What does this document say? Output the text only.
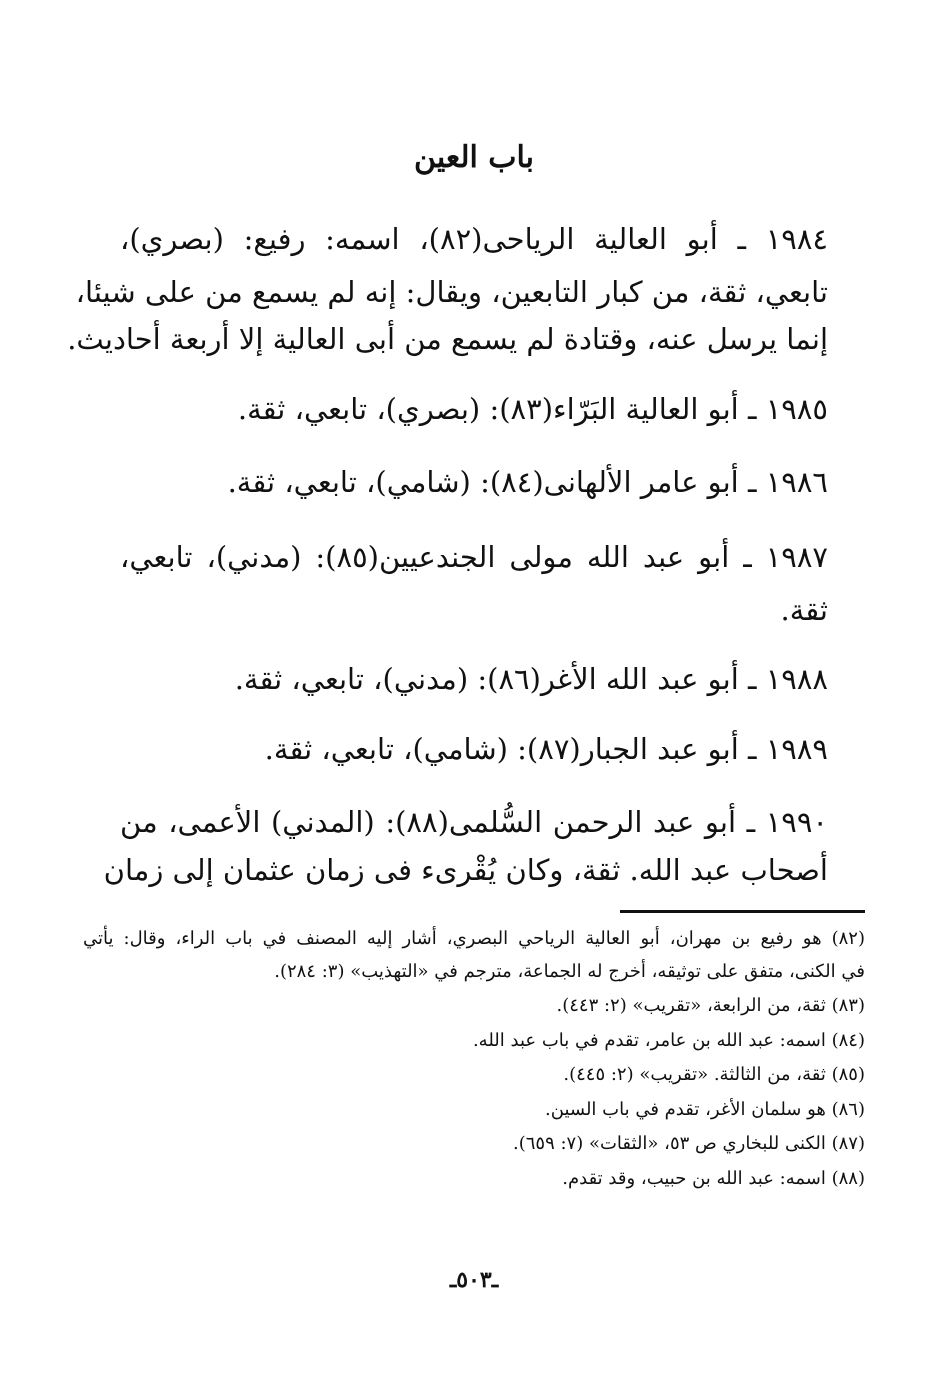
باب العين
١٩٨٤ ـ أبو العالية الرياحى(٨٢)، اسمه: رفيع: (بصري)،
تابعي، ثقة، من كبار التابعين، ويقال: إنه لم يسمع من على شيئا،
إنما يرسل عنه، وقتادة لم يسمع من أبى العالية إلا أربعة أحاديث.
١٩٨٥ ـ أبو العالية البَرّاء(٨٣): (بصري)، تابعي، ثقة.
١٩٨٦ ـ أبو عامر الألهانى(٨٤): (شامي)، تابعي، ثقة.
١٩٨٧ ـ أبو عبد الله مولى الجندعيين(٨٥): (مدني)، تابعي،
ثقة.
١٩٨٨ ـ أبو عبد الله الأغر(٨٦): (مدني)، تابعي، ثقة.
١٩٨٩ ـ أبو عبد الجبار(٨٧): (شامي)، تابعي، ثقة.
١٩٩٠ ـ أبو عبد الرحمن السُّلمى(٨٨): (المدني) الأعمى، من
أصحاب عبد الله. ثقة، وكان يُقْرىء فى زمان عثمان إلى زمان
(٨٢) هو رفيع بن مهران، أبو العالية الرياحي البصري، أشار إليه المصنف في باب الراء، وقال: يأتي
في الكنى، متفق على توثيقه، أخرج له الجماعة، مترجم في «التهذيب» (٣: ٢٨٤).
(٨٣) ثقة، من الرابعة، «تقريب» (٢: ٤٤٣).
(٨٤) اسمه: عبد الله بن عامر، تقدم في باب عبد الله.
(٨٥) ثقة، من الثالثة. «تقريب» (٢: ٤٤٥).
(٨٦) هو سلمان الأغر، تقدم في باب السين.
(٨٧) الكنى للبخاري ص ٥٣، «الثقات» (٧: ٦٥٩).
(٨٨) اسمه: عبد الله بن حبيب، وقد تقدم.
ـ٥٠٣ـ
